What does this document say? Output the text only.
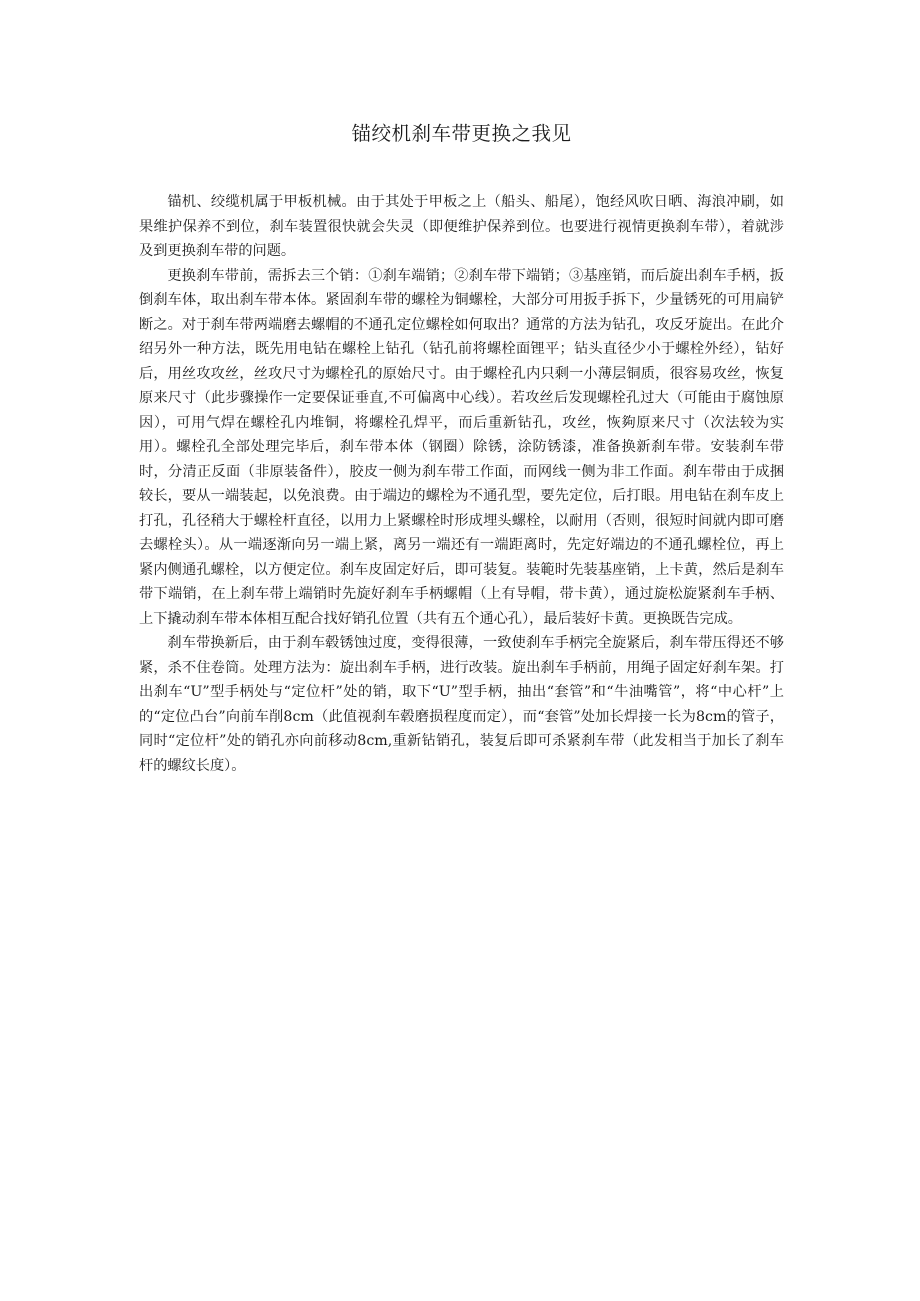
锚绞机刹车带更换之我见

锚机、绞缆机属于甲板机械。由于其处于甲板之上（船头、船尾），饱经风吹日晒、海浪冲刷，如果维护保养不到位，刹车装置很快就会失灵（即便维护保养到位。也要进行视情更换刹车带），着就涉及到更换刹车带的问题。

更换刹车带前，需拆去三个销：①刹车端销；②刹车带下端销；③基座销，而后旋出刹车手柄，扳倒刹车体，取出刹车带本体。紧固刹车带的螺栓为铜螺栓，大部分可用扳手拆下，少量锈死的可用扁铲断之。对于刹车带两端磨去螺帽的不通孔定位螺栓如何取出？通常的方法为钻孔，攻反牙旋出。在此介绍另外一种方法，既先用电钻在螺栓上钻孔（钻孔前将螺栓面锂平；钻头直径少小于螺栓外经），钻好后，用丝攻攻丝，丝攻尺寸为螺栓孔的原始尺寸。由于螺栓孔内只剩一小薄层铜质，很容易攻丝，恢复原来尺寸（此步骤操作一定要保证垂直,不可偏离中心线）。若攻丝后发现螺栓孔过大（可能由于腐蚀原因），可用气焊在螺栓孔内堆铜，将螺栓孔焊平，而后重新钻孔，攻丝，恢夠原来尺寸（次法较为实用）。螺栓孔全部处理完毕后，刹车带本体（钢圈）除锈，涂防锈漆，准备换新刹车带。安装刹车带时，分清正反面（非原装备件），胶皮一侧为刹车带工作面，而网线一侧为非工作面。刹车带由于成捆较长，要从一端装起，以免浪费。由于端边的螺栓为不通孔型，要先定位，后打眼。用电钻在刹车皮上打孔，孔径稍大于螺栓杆直径，以用力上紧螺栓时形成埋头螺栓，以耐用（否则，很短时间就内即可磨去螺栓头）。从一端逐渐向另一端上紧，离另一端还有一端距离时，先定好端边的不通孔螺栓位，再上紧内侧通孔螺栓，以方便定位。刹车皮固定好后，即可装复。装範时先装基座销，上卡黄，然后是刹车带下端销，在上刹车带上端销时先旋好刹车手柄螺帽（上有导帽，带卡黄），通过旋松旋紧刹车手柄、上下撬动刹车带本体相互配合找好销孔位置（共有五个通心孔），最后装好卡黄。更换既告完成。

刹车带换新后，由于刹车毂锈蚀过度，变得很薄，一致使刹车手柄完全旋紧后，刹车带压得还不够紧，杀不住卷筒。处理方法为：旋出刹车手柄，进行改装。旋出刹车手柄前，用绳子固定好刹车架。打出刹车“U”型手柄处与“定位杆”处的销，取下“U”型手柄，抽出“套管”和“牛油嘴管”，将“中心杆”上的“定位凸台”向前车削8cm（此值视刹车毂磨损程度而定），而“套管”处加长焊接一长为8cm的管子，同时“定位杆”处的销孔亦向前移动8cm,重新钻销孔，装复后即可杀紧刹车带（此发相当于加长了刹车杆的螺纹长度）。
